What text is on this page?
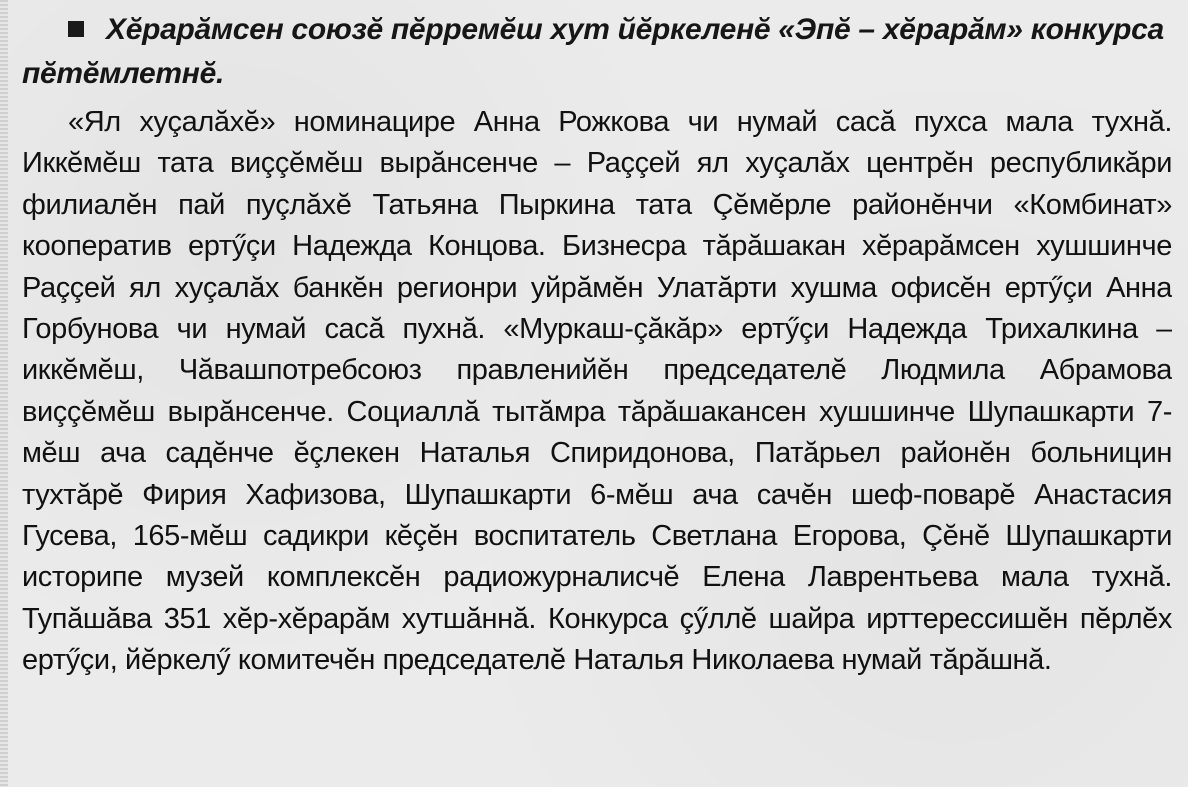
Хĕрарӑмсен союзĕ пĕрремĕш хут йĕркеленĕ «Эпĕ – хĕрарӑм» конкурса пĕтӗмлетнĕ.

«Ял хуçалӑхĕ» номинацире Анна Рожкова чи нумай сасӑ пухса мала тухнӑ. Иккĕмĕш тата виççĕмĕш вырӑнсенче – Раççей ял хуçалӑх центрĕн республикӑри филиалĕн пай пуçлӑхĕ Татьяна Пыркина тата Çĕмĕрле районĕнчи «Комбинат» кооператив ертӳçи Надежда Концова. Бизнесра тӑрӑшакан хĕрарӑмсен хушшинче Раççей ял хуçалӑх банкĕн регионри уйрӑмĕн Улатӑрти хушма офисĕн ертӳçи Анна Горбунова чи нумай сасӑ пухнӑ. «Муркаш-çӑкӑр» ертӳçи Надежда Трихалкина – иккĕмĕш, Чӑвашпотребсоюз правленийĕн председателĕ Людмила Абрамова виççĕмĕш вырӑнсенче. Социаллӑ тытӑмра тӑрӑшакансен хушшинче Шупашкарти 7-мĕш ача садĕнче ĕçлекен Наталья Спиридонова, Патӑрьел районĕн больницин тухтӑрĕ Фирия Хафизова, Шупашкарти 6-мĕш ача сачĕн шеф-поварĕ Анастасия Гусева, 165-мĕш садикри кĕçĕн воспитатель Светлана Егорова, Çĕнĕ Шупашкарти историпе музей комплексĕн радиожурналисчĕ Елена Лаврентьева мала тухнӑ. Тупӑшӑва 351 хĕр-хĕрарӑм хутшӑннӑ. Конкурса çӳллĕ шайра ирттерессишĕн пĕрлĕх ертӳçи, йĕркелӳ комитечĕн председателĕ Наталья Николаева нумай тӑрӑшнӑ.
